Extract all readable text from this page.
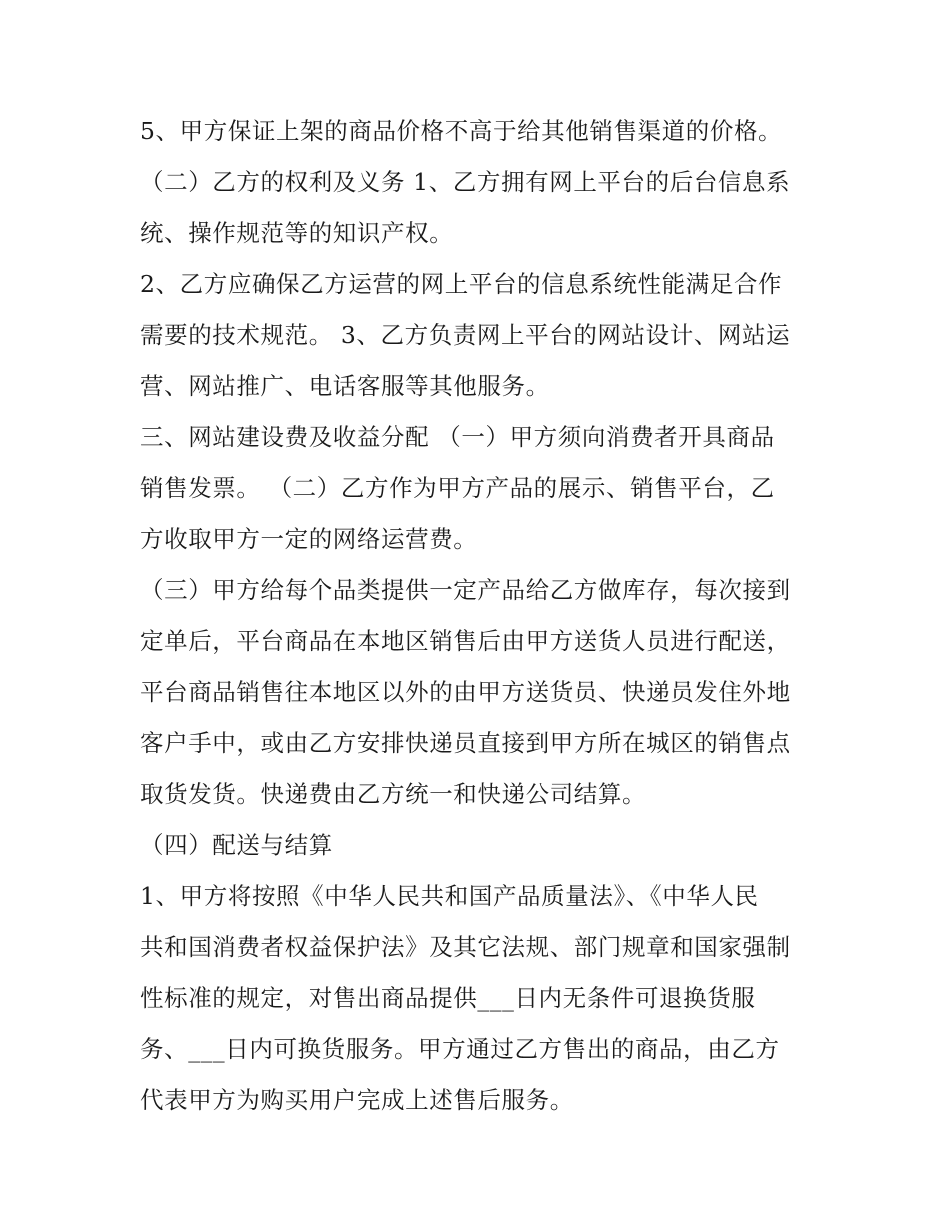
5、甲方保证上架的商品价格不高于给其他销售渠道的价格。
（二）乙方的权利及义务 1、乙方拥有网上平台的后台信息系
统、操作规范等的知识产权。
2、乙方应确保乙方运营的网上平台的信息系统性能满足合作
需要的技术规范。 3、乙方负责网上平台的网站设计、网站运
营、网站推广、电话客服等其他服务。
三、网站建设费及收益分配 （一）甲方须向消费者开具商品
销售发票。 （二）乙方作为甲方产品的展示、销售平台，乙
方收取甲方一定的网络运营费。
（三）甲方给每个品类提供一定产品给乙方做库存，每次接到
定单后，平台商品在本地区销售后由甲方送货人员进行配送，
平台商品销售往本地区以外的由甲方送货员、快递员发住外地
客户手中，或由乙方安排快递员直接到甲方所在城区的销售点
取货发货。快递费由乙方统一和快递公司结算。
（四）配送与结算
1、甲方将按照《中华人民共和国产品质量法》、《中华人民
共和国消费者权益保护法》及其它法规、部门规章和国家强制
性标准的规定，对售出商品提供___日内无条件可退换货服
务、___日内可换货服务。甲方通过乙方售出的商品，由乙方
代表甲方为购买用户完成上述售后服务。
